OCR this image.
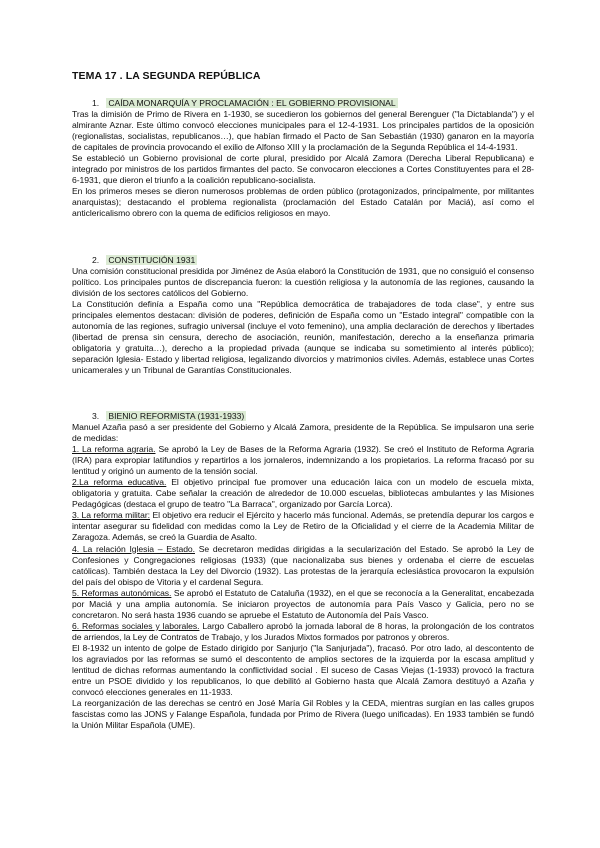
TEMA 17 . LA SEGUNDA REPÚBLICA
1. CAÍDA MONARQUÍA Y PROCLAMACIÓN : EL GOBIERNO PROVISIONAL

Tras la dimisión de Primo de Rivera en 1-1930, se sucedieron los gobiernos del general Berenguer ("la Dictablanda") y el almirante Aznar. Este último convocó elecciones municipales para el 12-4-1931. Los principales partidos de la oposición (regionalistas, socialistas, republicanos…), que habían firmado el Pacto de San Sebastián (1930) ganaron en la mayoría de capitales de provincia provocando el exilio de Alfonso XIII y la proclamación de la Segunda República el 14-4-1931.

Se estableció un Gobierno provisional de corte plural, presidido por Alcalá Zamora (Derecha Liberal Republicana) e integrado por ministros de los partidos firmantes del pacto. Se convocaron elecciones a Cortes Constituyentes para el 28-6-1931, que dieron el triunfo a la coalición republicano-socialista.

En los primeros meses se dieron numerosos problemas de orden público (protagonizados, principalmente, por militantes anarquistas); destacando el problema regionalista (proclamación del Estado Catalán por Maciá), así como el anticlericalismo obrero con la quema de edificios religiosos en mayo.

2. CONSTITUCIÓN 1931

Una comisión constitucional presidida por Jiménez de Asúa elaboró la Constitución de 1931, que no consiguió el consenso político. Los principales puntos de discrepancia fueron: la cuestión religiosa y la autonomía de las regiones, causando la división de los sectores católicos del Gobierno.

La Constitución definía a España como una "República democrática de trabajadores de toda clase", y entre sus principales elementos destacan: división de poderes, definición de España como un "Estado integral" compatible con la autonomía de las regiones, sufragio universal (incluye el voto femenino), una amplia declaración de derechos y libertades (libertad de prensa sin censura, derecho de asociación, reunión, manifestación, derecho a la enseñanza primaria obligatoria y gratuita…), derecho a la propiedad privada (aunque se indicaba su sometimiento al interés público); separación Iglesia- Estado y libertad religiosa, legalizando divorcios y matrimonios civiles. Además, establece unas Cortes unicamerales y un Tribunal de Garantías Constitucionales.

3. BIENIO REFORMISTA (1931-1933)

Manuel Azaña pasó a ser presidente del Gobierno y Alcalá Zamora, presidente de la República. Se impulsaron una serie de medidas:

1. La reforma agraria. Se aprobó la Ley de Bases de la Reforma Agraria (1932). Se creó el Instituto de Reforma Agraria (IRA) para expropiar latifundios y repartirlos a los jornaleros, indemnizando a los propietarios. La reforma fracasó por su lentitud y originó un aumento de la tensión social.

2.La reforma educativa. El objetivo principal fue promover una educación laica con un modelo de escuela mixta, obligatoria y gratuita. Cabe señalar la creación de alrededor de 10.000 escuelas, bibliotecas ambulantes y las Misiones Pedagógicas (destaca el grupo de teatro "La Barraca", organizado por García Lorca).

3. La reforma militar: El objetivo era reducir el Ejército y hacerlo más funcional. Además, se pretendía depurar los cargos e intentar asegurar su fidelidad con medidas como la Ley de Retiro de la Oficialidad y el cierre de la Academia Militar de Zaragoza. Además, se creó la Guardia de Asalto.

4. La relación Iglesia – Estado. Se decretaron medidas dirigidas a la secularización del Estado. Se aprobó la Ley de Confesiones y Congregaciones religiosas (1933) (que nacionalizaba sus bienes y ordenaba el cierre de escuelas católicas). También destaca la Ley del Divorcio (1932). Las protestas de la jerarquía eclesiástica provocaron la expulsión del país del obispo de Vitoria y el cardenal Segura.

5. Reformas autonómicas. Se aprobó el Estatuto de Cataluña (1932), en el que se reconocía a la Generalitat, encabezada por Maciá y una amplia autonomía. Se iniciaron proyectos de autonomía para País Vasco y Galicia, pero no se concretaron. No será hasta 1936 cuando se apruebe el Estatuto de Autonomía del País Vasco.

6. Reformas sociales y laborales. Largo Caballero aprobó la jornada laboral de 8 horas, la prolongación de los contratos de arriendos, la Ley de Contratos de Trabajo, y los Jurados Mixtos formados por patronos y obreros.

El 8-1932 un intento de golpe de Estado dirigido por Sanjurjo ("la Sanjurjada"), fracasó. Por otro lado, al descontento de los agraviados por las reformas se sumó el descontento de amplios sectores de la izquierda por la escasa amplitud y lentitud de dichas reformas aumentando la conflictividad social . El suceso de Casas Viejas (1-1933) provocó la fractura entre un PSOE dividido y los republicanos, lo que debilitó al Gobierno hasta que Alcalá Zamora destituyó a Azaña y convocó elecciones generales en 11-1933.

La reorganización de las derechas se centró en José María Gil Robles y la CEDA, mientras surgían en las calles grupos fascistas como las JONS y Falange Española, fundada por Primo de Rivera (luego unificadas). En 1933 también se fundó la Unión Militar Española (UME).
